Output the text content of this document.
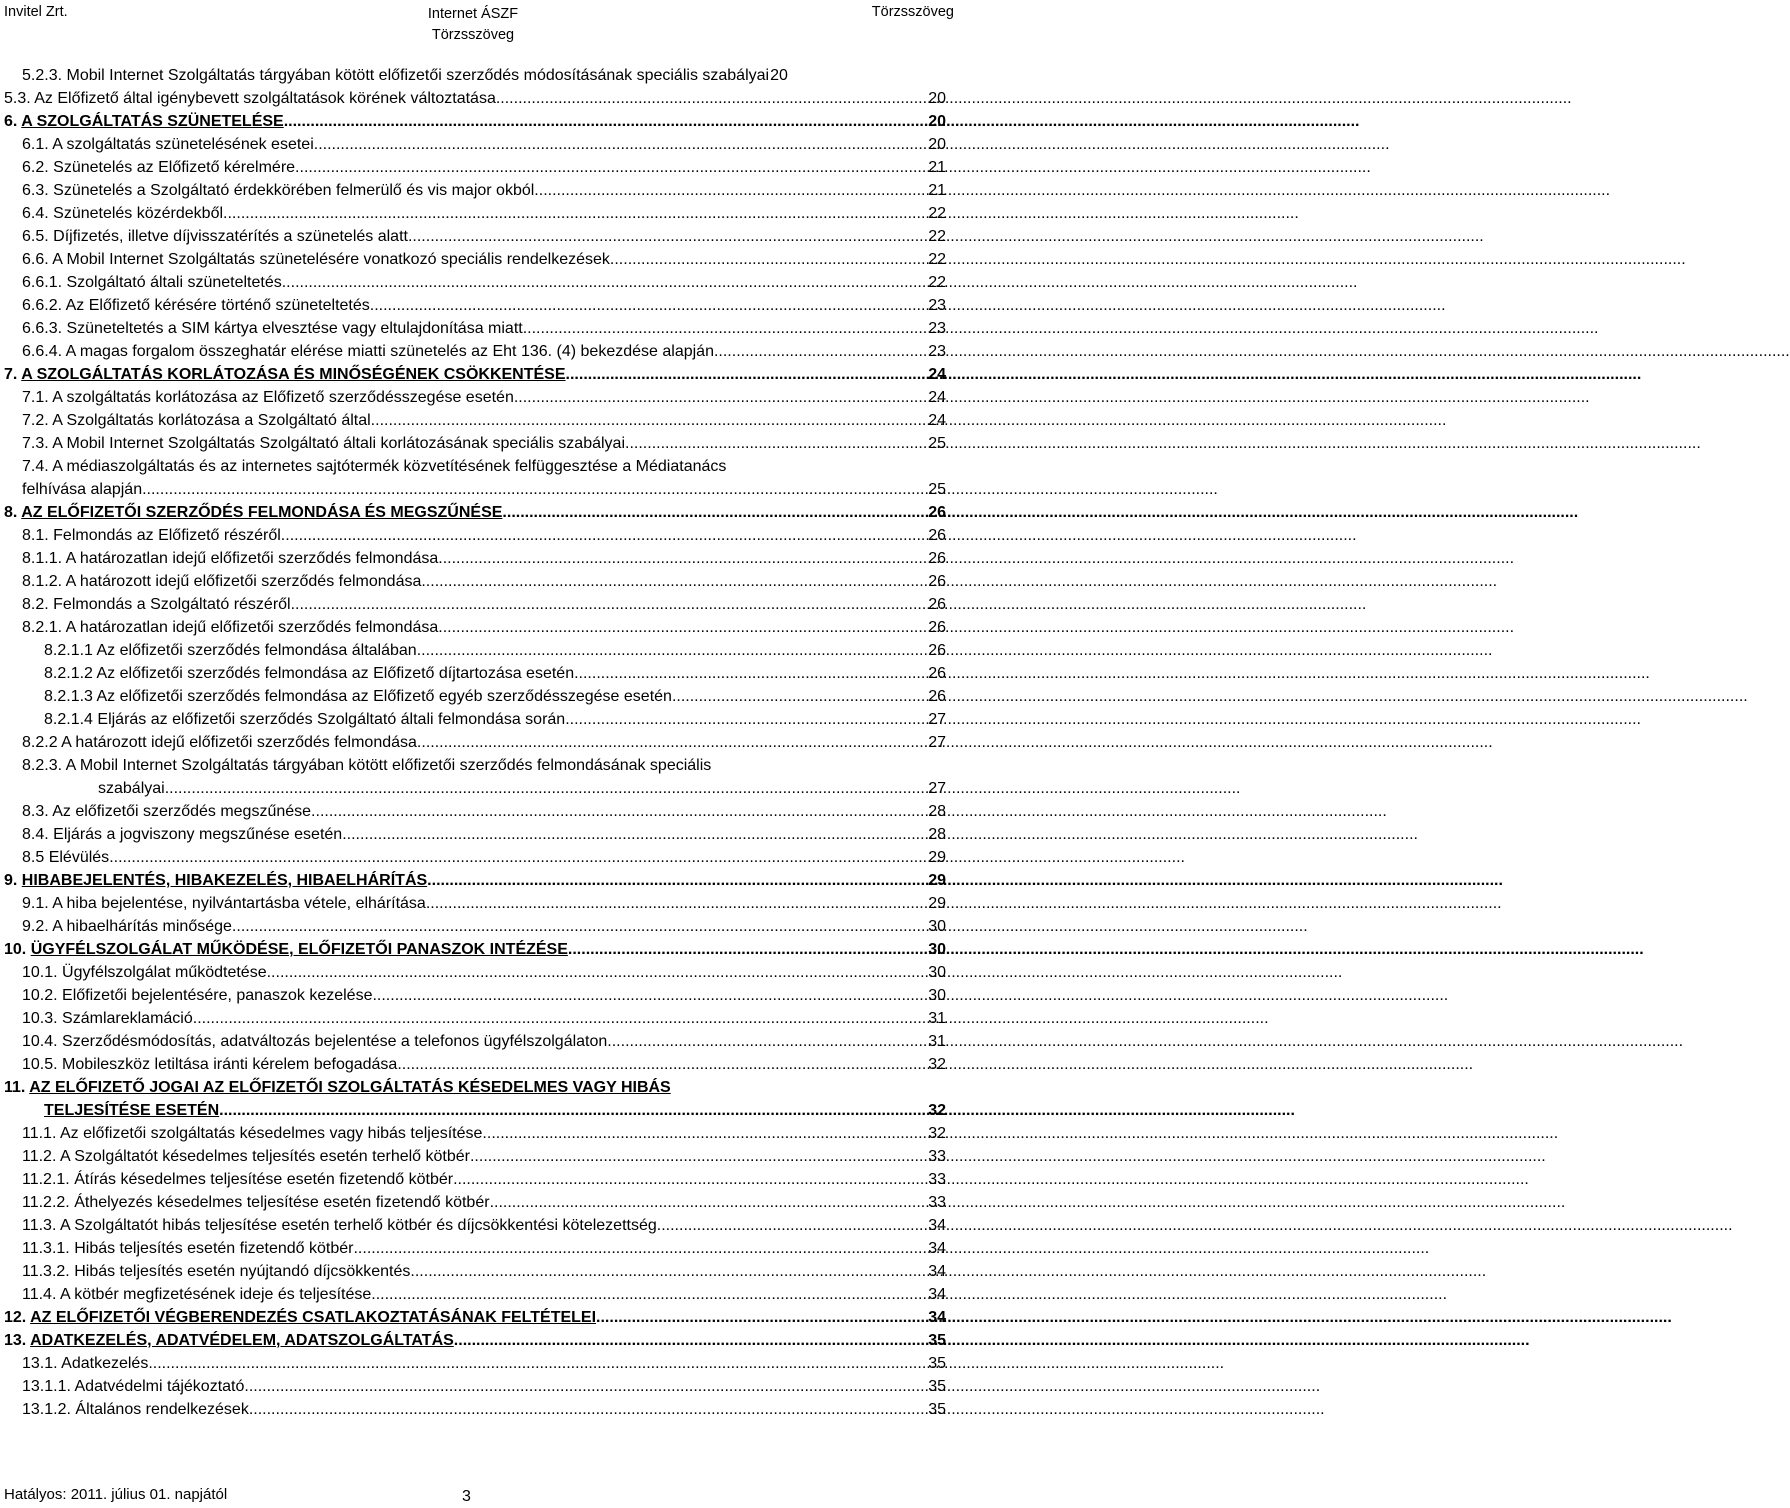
Invitel Zrt.	Internet ÁSZF
Törzsszöveg
Törzsszöveg
5.2.3. Mobil Internet Szolgáltatás tárgyában kötött előfizetői szerződés módosításának speciális szabályai 20
5.3. Az Előfizető által igénybevett szolgáltatások körének változtatása .....	20
6. A SZOLGÁLTATÁS SZÜNETELÉSE .....	20
6.1. A szolgáltatás szünetelésének esetei .....	20
6.2. Szünetelés az Előfizető kérelmére .....	21
6.3. Szünetelés a Szolgáltató érdekkörében felmerülő és vis major okból .....	21
6.4. Szünetelés közérdekből .....	22
6.5. Díjfizetés, illetve díjvisszatérítés a szünetelés alatt .....	22
6.6. A Mobil Internet Szolgáltatás szünetelésére vonatkozó speciális rendelkezések .....	22
6.6.1. Szolgáltató általi szüneteltetés .....	22
6.6.2. Az Előfizető kérésére történő szüneteltetés .....	23
6.6.3. Szüneteltetés a SIM kártya elvesztése vagy eltulajdonítása miatt .....	23
6.6.4. A magas forgalom összeghatár elérése miatti szünetelés az Eht 136. (4) bekezdése alapján .....	23
7. A SZOLGÁLTATÁS KORLÁTOZÁSA ÉS MINŐSÉGÉNEK CSÖKKENTÉSE .....	24
7.1. A szolgáltatás korlátozása az Előfizető szerződésszegése esetén .....	24
7.2. A Szolgáltatás korlátozása a Szolgáltató által .....	24
7.3. A Mobil Internet Szolgáltatás Szolgáltató általi korlátozásának speciális szabályai .....	25
7.4. A médiaszolgáltatás és az internetes sajtótermék közvetítésének felfüggesztése a Médiatanács
felhívása alapján .....	25
8. AZ ELŐFIZETŐI SZERZŐDÉS FELMONDÁSA ÉS MEGSZŰNÉSE .....	26
8.1. Felmondás az Előfizető részéről .....	26
8.1.1. A határozatlan idejű előfizetői szerződés felmondása .....	26
8.1.2. A határozott idejű előfizetői szerződés felmondása .....	26
8.2. Felmondás a Szolgáltató részéről .....	26
8.2.1. A határozatlan idejű előfizetői szerződés felmondása .....	26
8.2.1.1 Az előfizetői szerződés felmondása általában .....	26
8.2.1.2 Az előfizetői szerződés felmondása az Előfizető díjtartozása esetén .....	26
8.2.1.3 Az előfizetői szerződés felmondása az Előfizető egyéb szerződésszegése esetén .....	26
8.2.1.4 Eljárás az előfizetői szerződés Szolgáltató általi felmondása során .....	27
8.2.2 A határozott idejű előfizetői szerződés felmondása .....	27
8.2.3. A Mobil Internet Szolgáltatás tárgyában kötött előfizetői szerződés felmondásának speciális
szabályai .....	27
8.3. Az előfizetői szerződés megszűnése .....	28
8.4. Eljárás a jogviszony megszűnése esetén .....	28
8.5 Elévülés .....	29
9. HIBABEJELENTÉS, HIBAKEZELÉS, HIBAELHÁRÍTÁS .....	29
9.1. A hiba bejelentése, nyilvántartásba vétele, elhárítása .....	29
9.2. A hibaelhárítás minősége .....	30
10. ÜGYFÉLSZOLGÁLAT MŰKÖDÉSE, ELŐFIZETŐI PANASZOK INTÉZÉSE .....	30
10.1. Ügyfélszolgálat működtetése .....	30
10.2. Előfizetői bejelentésére, panaszok kezelése .....	30
10.3. Számlareklamáció .....	31
10.4. Szerződésmódosítás, adatváltozás bejelentése a telefonos ügyfélszolgálaton .....	31
10.5. Mobileszköz letiltása iránti kérelem befogadása .....	32
11. AZ ELŐFIZETŐ JOGAI AZ ELŐFIZETŐI SZOLGÁLTATÁS KÉSEDELMES VAGY HIBÁS
TELJESÍTÉSE ESETÉN .....	32
11.1. Az előfizetői szolgáltatás késedelmes vagy hibás teljesítése .....	32
11.2. A Szolgáltatót késedelmes teljesítés esetén terhelő kötbér .....	33
11.2.1. Átírás késedelmes teljesítése esetén fizetendő kötbér .....	33
11.2.2. Áthelyezés késedelmes teljesítése esetén fizetendő kötbér .....	33
11.3. A Szolgáltatót hibás teljesítése esetén terhelő kötbér és díjcsökkentési kötelezettség .....	34
11.3.1. Hibás teljesítés esetén fizetendő kötbér .....	34
11.3.2. Hibás teljesítés esetén nyújtandó díjcsökkentés .....	34
11.4. A kötbér megfizetésének ideje és teljesítése .....	34
12. AZ ELŐFIZETŐI VÉGBERENDEZÉS CSATLAKOZTATÁSÁNAK FELTÉTELEI .....	34
13. ADATKEZELÉS, ADATVÉDELEM, ADATSZOLGÁLTATÁS .....	35
13.1. Adatkezelés .....	35
13.1.1. Adatvédelmi tájékoztató .....	35
13.1.2. Általános rendelkezések .....	35
Hatályos: 2011. július 01. napjától	3
